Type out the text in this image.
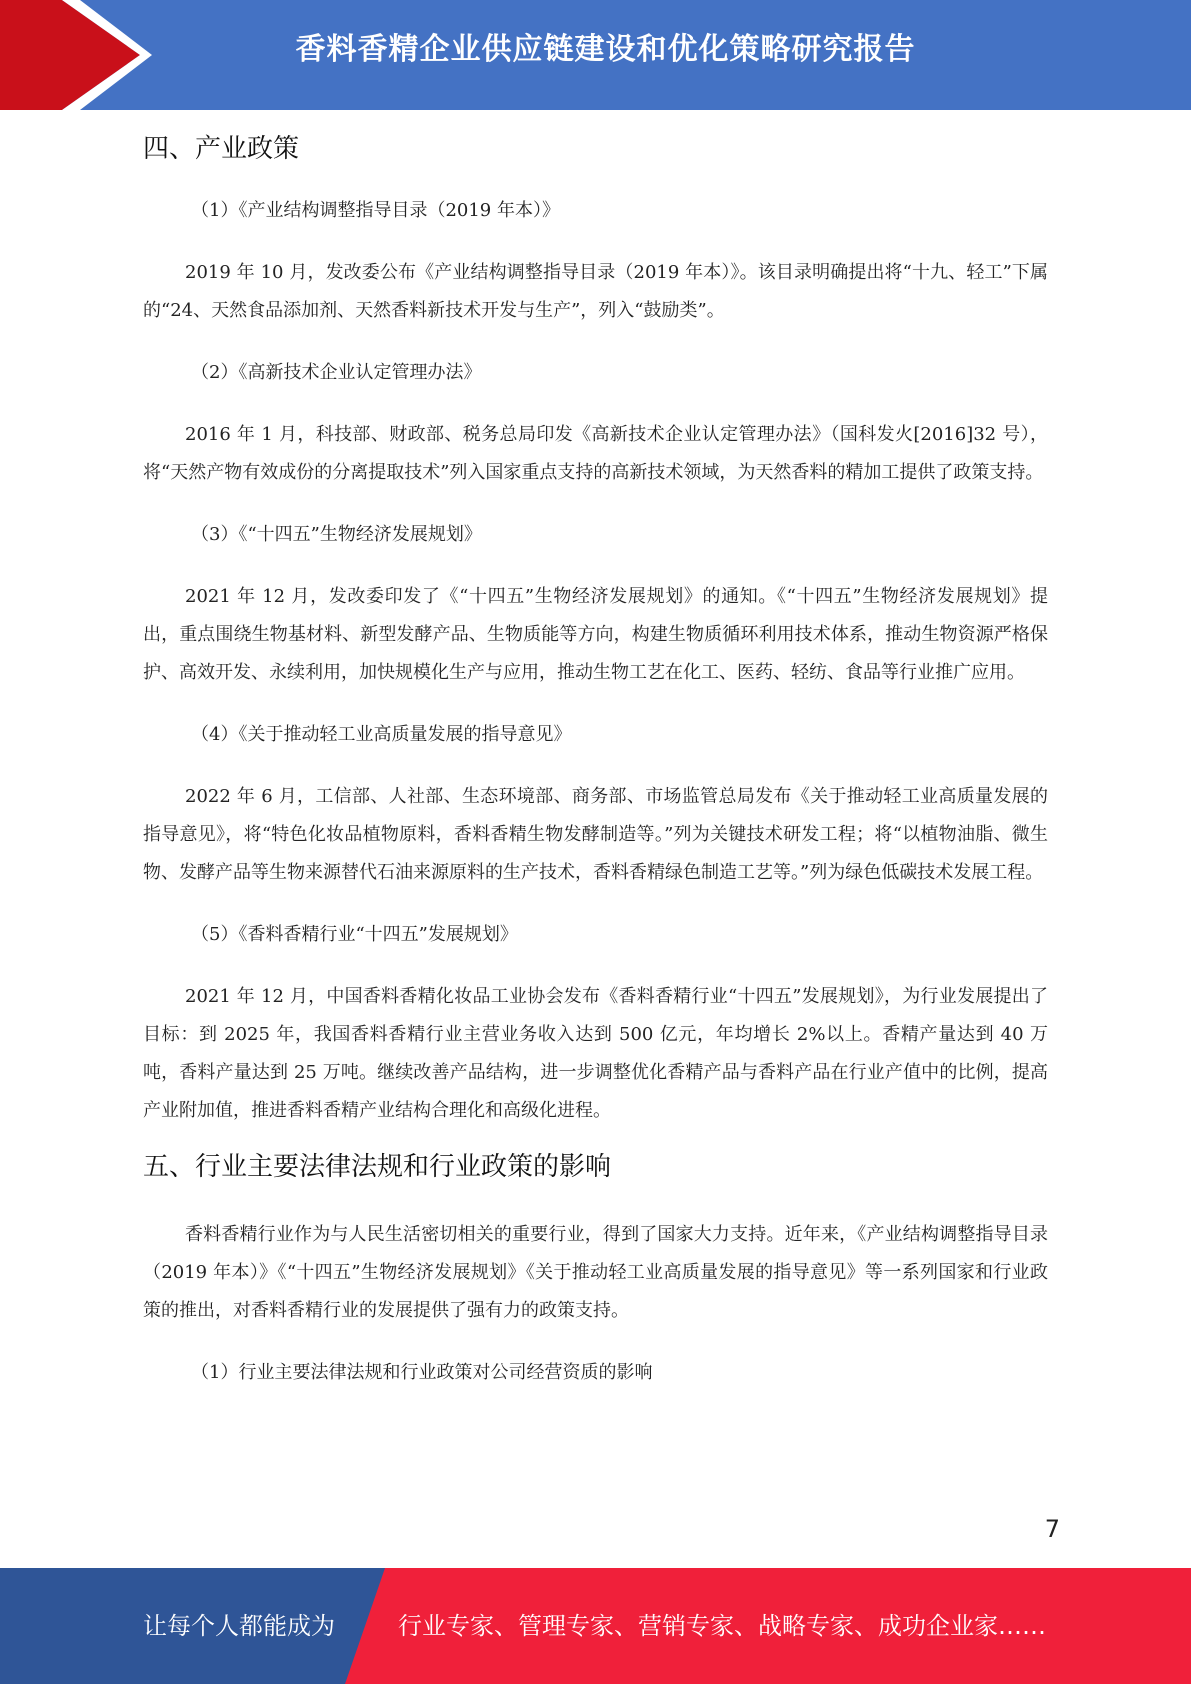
香料香精企业供应链建设和优化策略研究报告
四、产业政策

（1）《产业结构调整指导目录（2019 年本）》

2019 年 10 月，发改委公布《产业结构调整指导目录（2019 年本）》。该目录明确提出将“十九、轻工”下属的“24、天然食品添加剂、天然香料新技术开发与生产”，列入“鼓励类”。

（2）《高新技术企业认定管理办法》

2016 年 1 月，科技部、财政部、税务总局印发《高新技术企业认定管理办法》（国科发火[2016]32 号），将“天然产物有效成份的分离提取技术”列入国家重点支持的高新技术领域，为天然香料的精加工提供了政策支持。

（3）《“十四五”生物经济发展规划》

2021 年 12 月，发改委印发了《“十四五”生物经济发展规划》的通知。《“十四五”生物经济发展规划》提出，重点围绕生物基材料、新型发酵产品、生物质能等方向，构建生物质循环利用技术体系，推动生物资源严格保护、高效开发、永续利用，加快规模化生产与应用，推动生物工艺在化工、医药、轻纺、食品等行业推广应用。

（4）《关于推动轻工业高质量发展的指导意见》

2022 年 6 月，工信部、人社部、生态环境部、商务部、市场监管总局发布《关于推动轻工业高质量发展的指导意见》，将“特色化妆品植物原料，香料香精生物发酵制造等。”列为关键技术研发工程；将“以植物油脂、微生物、发酵产品等生物来源替代石油来源原料的生产技术，香料香精绿色制造工艺等。”列为绿色低碳技术发展工程。

（5）《香料香精行业“十四五”发展规划》

2021 年 12 月，中国香料香精化妆品工业协会发布《香料香精行业“十四五”发展规划》，为行业发展提出了目标：到 2025 年，我国香料香精行业主营业务收入达到 500 亿元，年均增长 2%以上。香精产量达到 40 万吨，香料产量达到 25 万吨。继续改善产品结构，进一步调整优化香精产品与香料产品在行业产值中的比例，提高产业附加值，推进香料香精产业结构合理化和高级化进程。

五、行业主要法律法规和行业政策的影响

香料香精行业作为与人民生活密切相关的重要行业，得到了国家大力支持。近年来，《产业结构调整指导目录（2019 年本）》《“十四五”生物经济发展规划》《关于推动轻工业高质量发展的指导意见》等一系列国家和行业政策的推出，对香料香精行业的发展提供了强有力的政策支持。

（1）行业主要法律法规和行业政策对公司经营资质的影响

7
让每个人都能成为	行业专家、管理专家、营销专家、战略专家、成功企业家……
